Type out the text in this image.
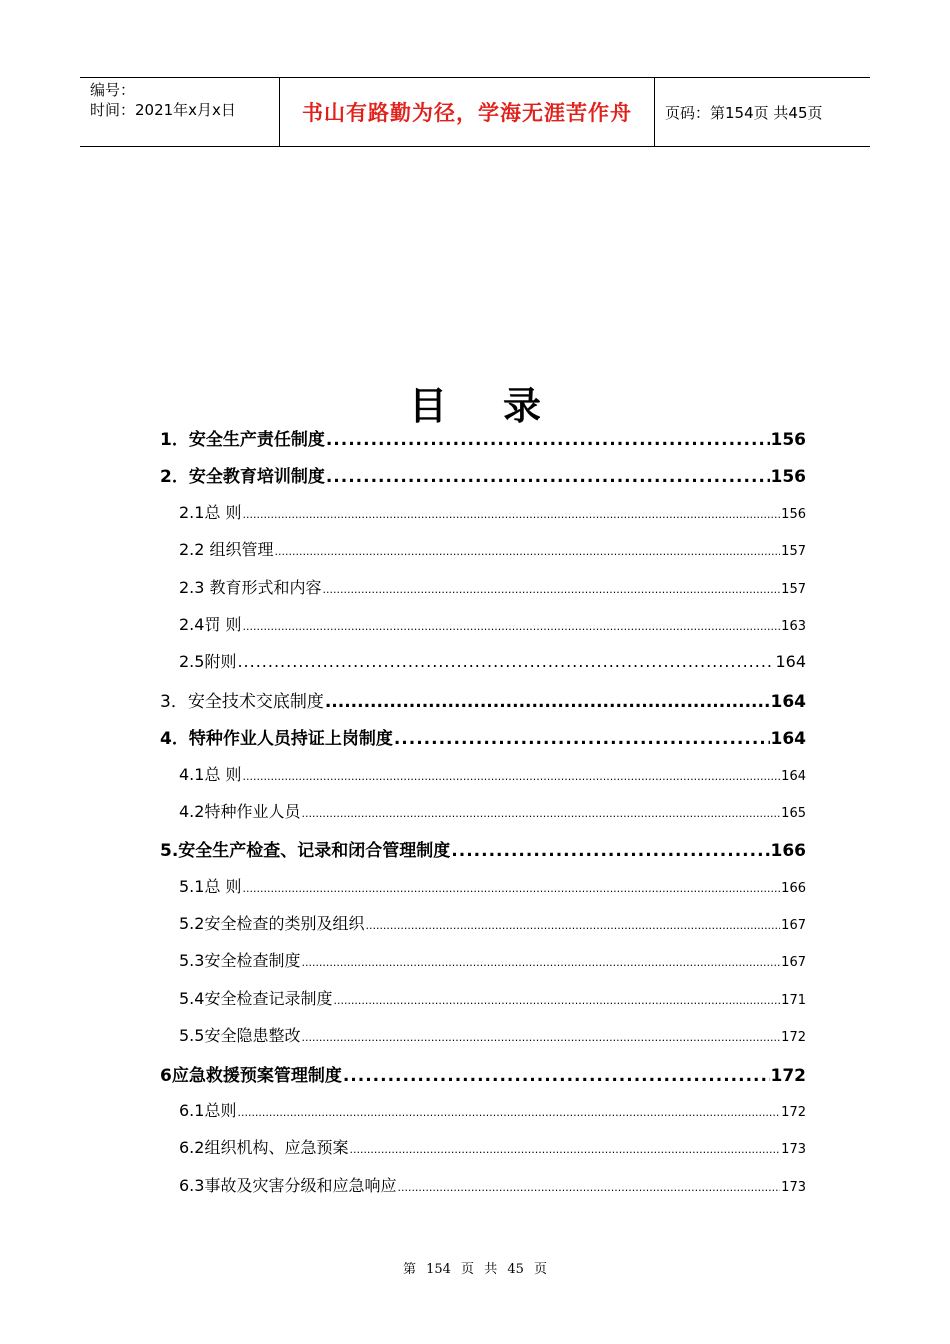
编号：
时间：2021年x月x日	书山有路勤为径，学海无涯苦作舟	页码：第154页 共45页
目 录
1．安全生产责任制度 .....	156
2．安全教育培训制度 .....	156
2.1总 则 .....	156
2.2 组织管理 .....	157
2.3 教育形式和内容 .....	157
2.4罚 则 .....	163
2.5附则 .....	164
3．安全技术交底制度 .....	164
4．特种作业人员持证上岗制度 .....	164
4.1总 则 .....	164
4.2特种作业人员 .....	165
5.安全生产检查、记录和闭合管理制度 .....	166
5.1总 则 .....	166
5.2安全检查的类别及组织 .....	167
5.3安全检查制度 .....	167
5.4安全检查记录制度 .....	171
5.5安全隐患整改 .....	172
6应急救援预案管理制度 .....	172
6.1总则 .....	172
6.2组织机构、应急预案 .....	173
6.3事故及灾害分级和应急响应 .....	173
第 154 页 共 45 页
